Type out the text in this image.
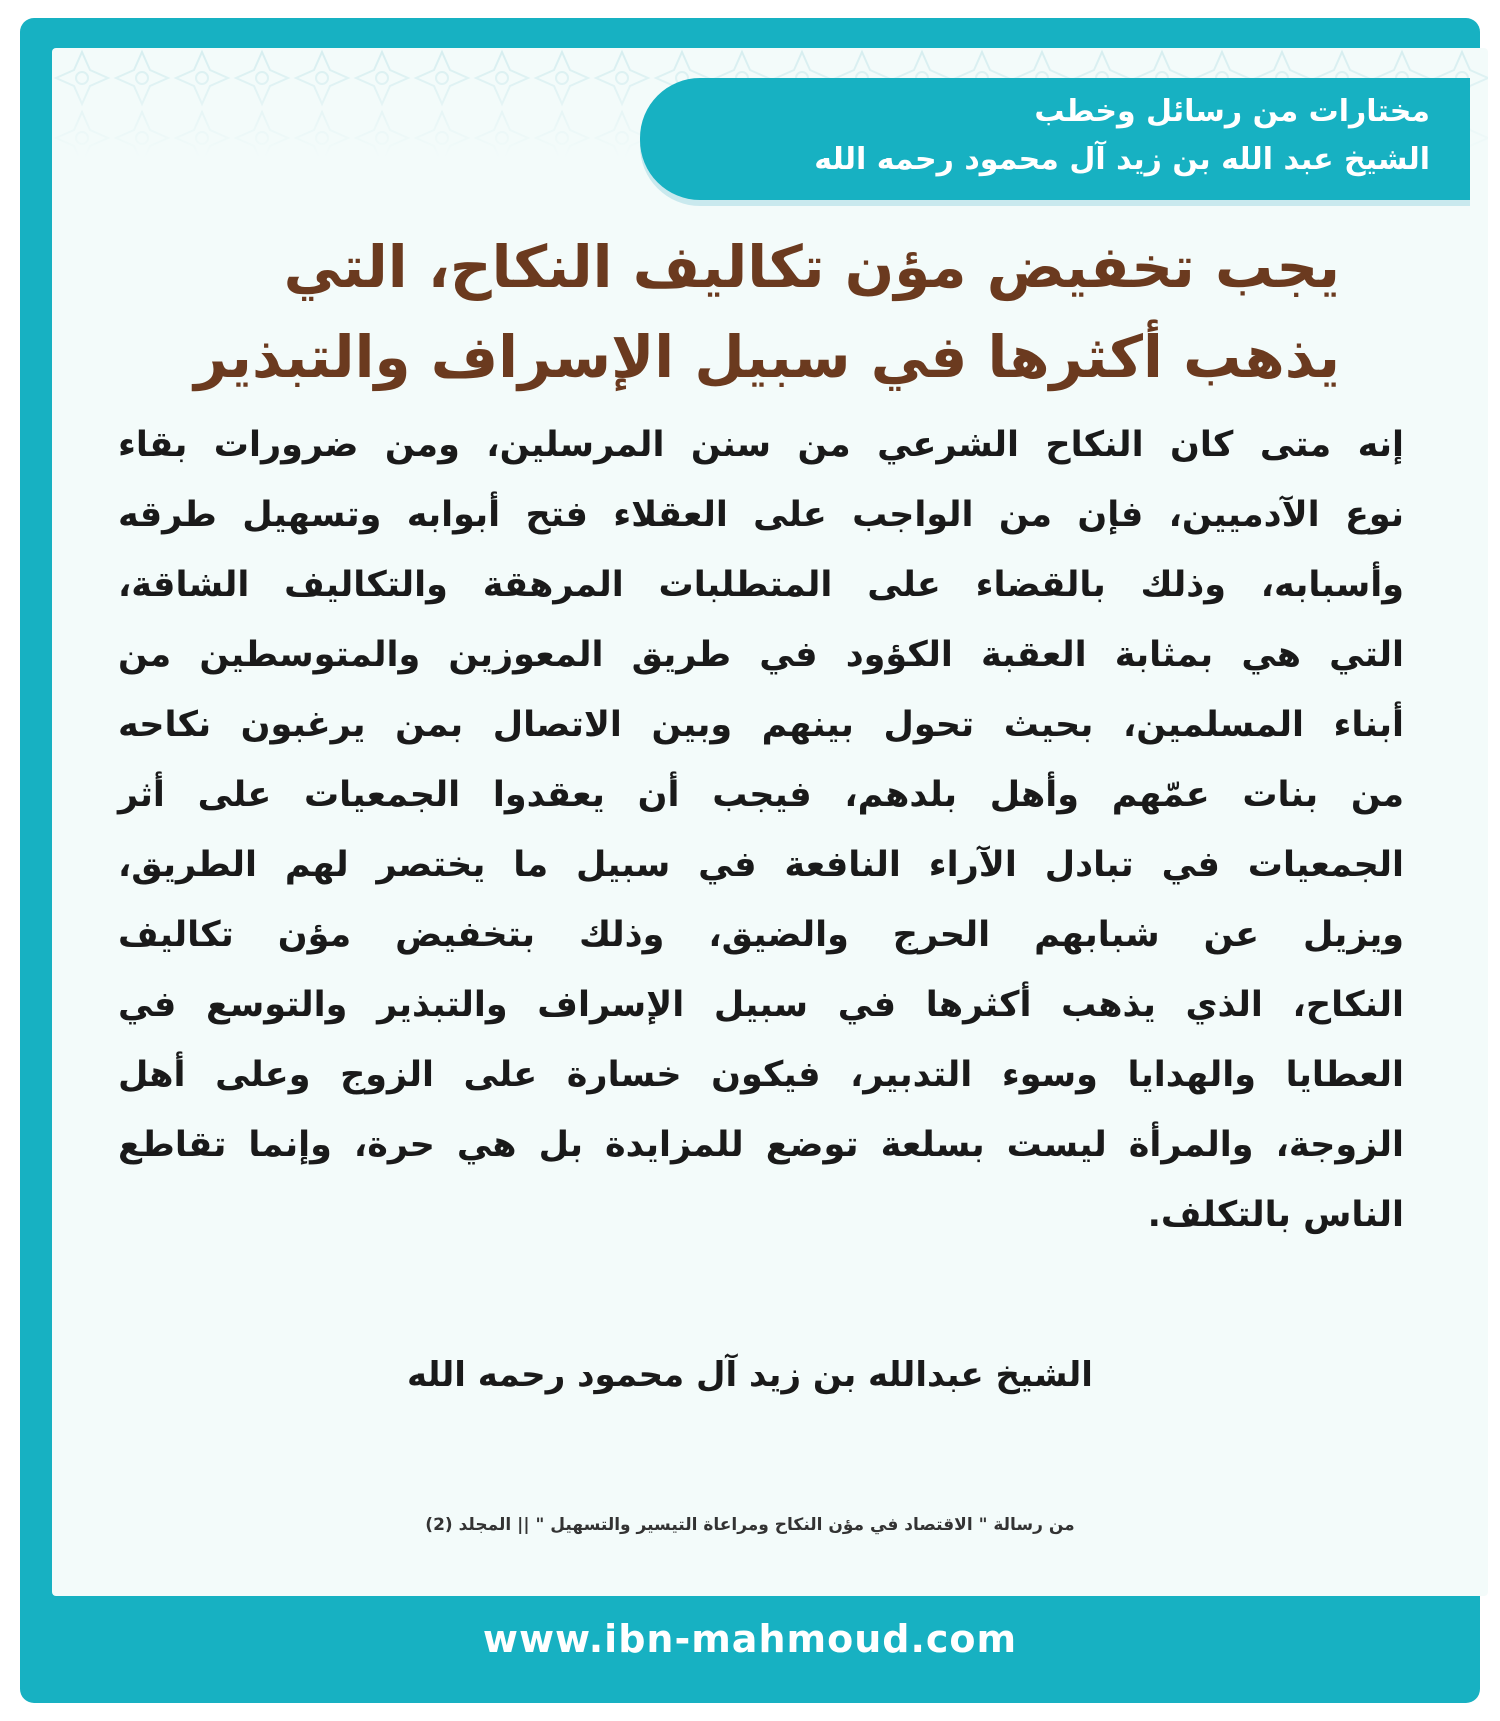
مختارات من رسائل وخطب
الشيخ عبد الله بن زيد آل محمود رحمه الله
يجب تخفيض مؤن تكاليف النكاح، التي
يذهب أكثرها في سبيل الإسراف والتبذير
إنه متى كان النكاح الشرعي من سنن المرسلين، ومن ضرورات بقاء
نوع الآدميين، فإن من الواجب على العقلاء فتح أبوابه وتسهيل طرقه
وأسبابه، وذلك بالقضاء على المتطلبات المرهقة والتكاليف الشاقة،
التي هي بمثابة العقبة الكؤود في طريق المعوزين والمتوسطين من
أبناء المسلمين، بحيث تحول بينهم وبين الاتصال بمن يرغبون نكاحه
من بنات عمّهم وأهل بلدهم، فيجب أن يعقدوا الجمعيات على أثر
الجمعيات في تبادل الآراء النافعة في سبيل ما يختصر لهم الطريق،
ويزيل عن شبابهم الحرج والضيق، وذلك بتخفيض مؤن تكاليف
النكاح، الذي يذهب أكثرها في سبيل الإسراف والتبذير والتوسع في
العطايا والهدايا وسوء التدبير، فيكون خسارة على الزوج وعلى أهل
الزوجة، والمرأة ليست بسلعة توضع للمزايدة بل هي حرة، وإنما تقاطع
الناس بالتكلف.
الشيخ عبدالله بن زيد آل محمود رحمه الله
من رسالة " الاقتصاد في مؤن النكاح ومراعاة التيسير والتسهيل " || المجلد (2)
www.ibn-mahmoud.com
